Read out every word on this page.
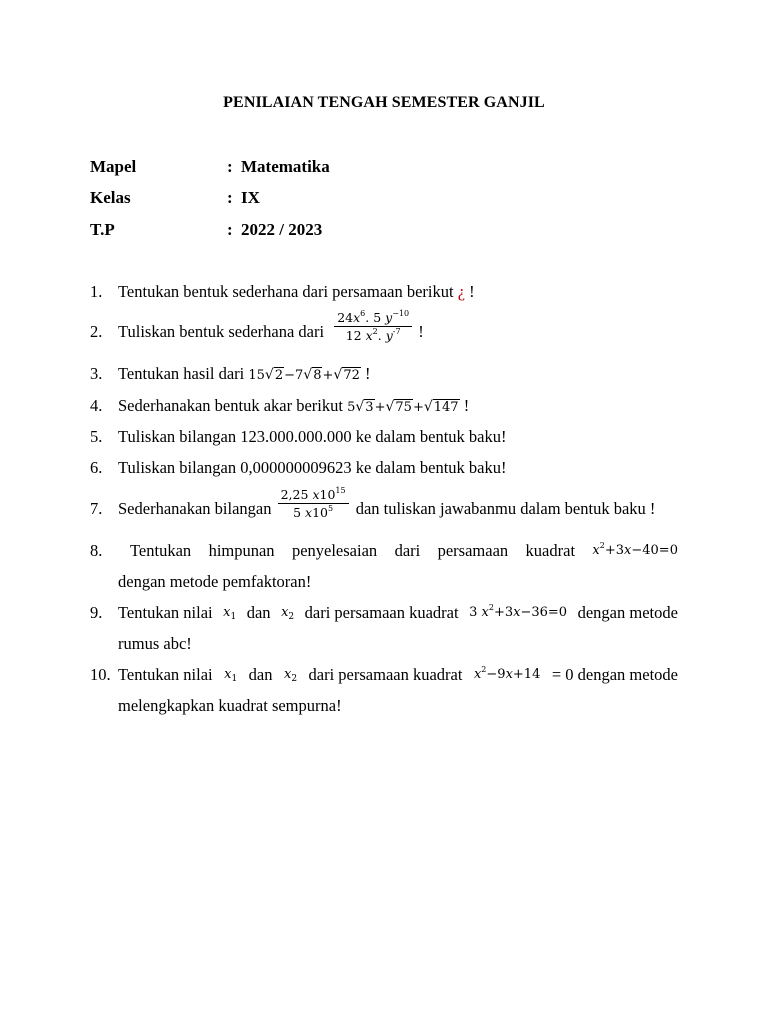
PENILAIAN TENGAH SEMESTER GANJIL
Mapel	: Matematika
Kelas	: IX
T.P	: 2022 / 2023
1. Tentukan bentuk sederhana dari persamaan berikut ¿ !
2. Tuliskan bentuk sederhana dari $\frac{24x^6. 5 y^{-10}}{12 x^2. y^{-7}}$ !
3. Tentukan hasil dari 15√2−7√8+√72 !
4. Sederhanakan bentuk akar berikut 5√3+√75+√147 !
5. Tuliskan bilangan 123.000.000.000 ke dalam bentuk baku!
6. Tuliskan bilangan 0,000000009623 ke dalam bentuk baku!
7. Sederhanakan bilangan $\frac{2,25 x10^{15}}{5 x10^5}$ dan tuliskan jawabanmu dalam bentuk baku !
8. Tentukan himpunan penyelesaian dari persamaan kuadrat $x^2+3x-40=0$
dengan metode pemfaktoran!
9. Tentukan nilai $x_1$ dan $x_2$ dari persamaan kuadrat 3 $x^2+3x-36=0$ dengan metode
rumus abc!
10. Tentukan nilai $x_1$ dan $x_2$ dari persamaan kuadrat $x^2-9x+14 = 0$ dengan metode
melengkapkan kuadrat sempurna!
